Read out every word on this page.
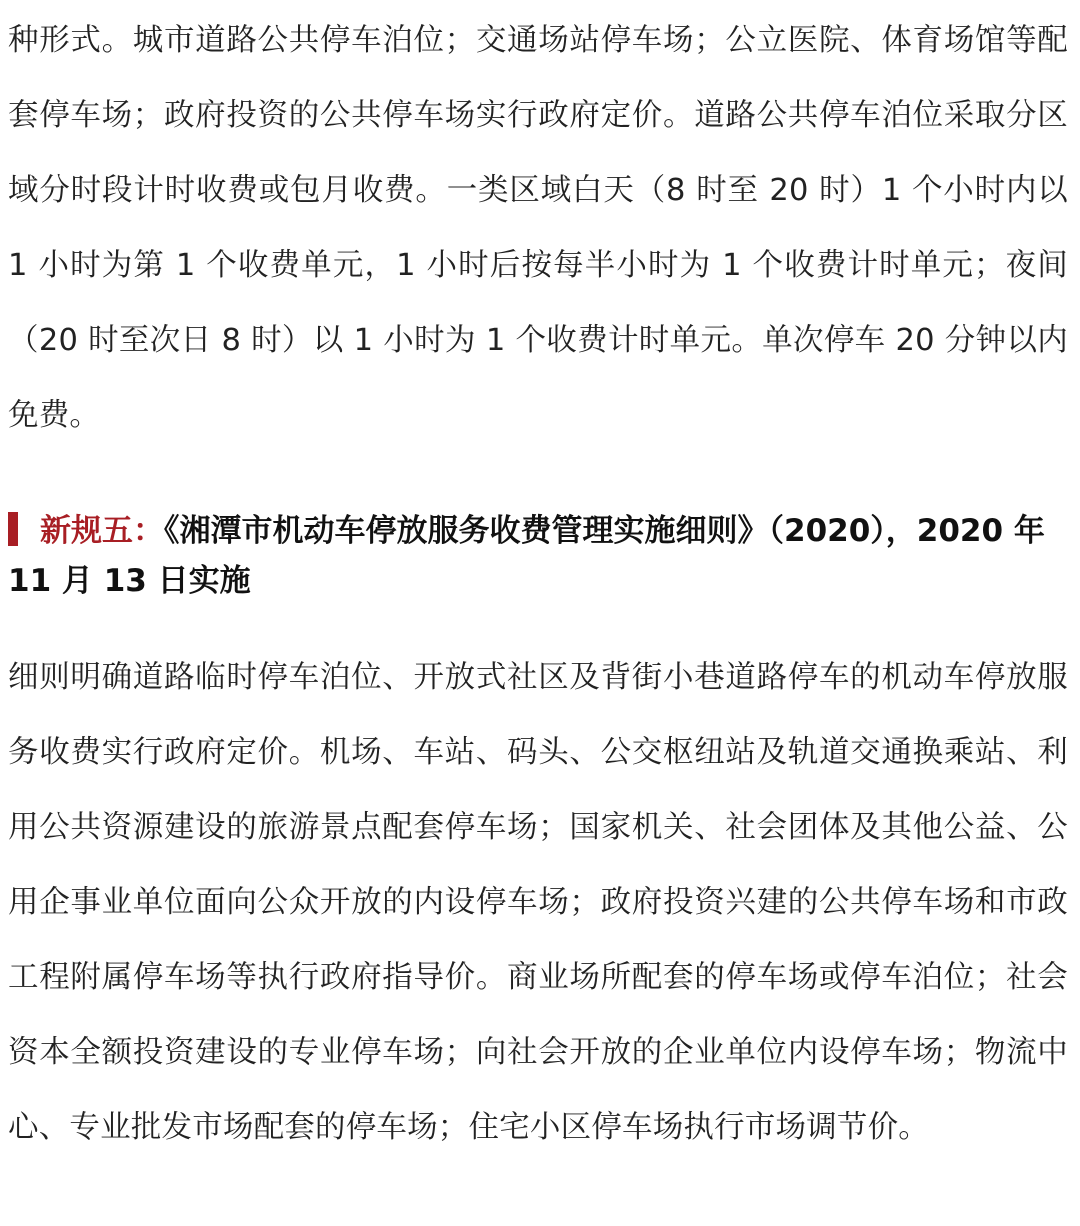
种形式。城市道路公共停车泊位；交通场站停车场；公立医院、体育场馆等配套停车场；政府投资的公共停车场实行政府定价。道路公共停车泊位采取分区域分时段计时收费或包月收费。一类区域白天（8 时至 20 时）1 个小时内以 1 小时为第 1 个收费单元，1 小时后按每半小时为 1 个收费计时单元；夜间（20 时至次日 8 时）以 1 小时为 1 个收费计时单元。单次停车 20 分钟以内免费。

新规五：《湘潭市机动车停放服务收费管理实施细则》（2020），2020 年 11 月 13 日实施

细则明确道路临时停车泊位、开放式社区及背街小巷道路停车的机动车停放服务收费实行政府定价。机场、车站、码头、公交枢纽站及轨道交通换乘站、利用公共资源建设的旅游景点配套停车场；国家机关、社会团体及其他公益、公用企事业单位面向公众开放的内设停车场；政府投资兴建的公共停车场和市政工程附属停车场等执行政府指导价。商业场所配套的停车场或停车泊位；社会资本全额投资建设的专业停车场；向社会开放的企业单位内设停车场；物流中心、专业批发市场配套的停车场；住宅小区停车场执行市场调节价。
